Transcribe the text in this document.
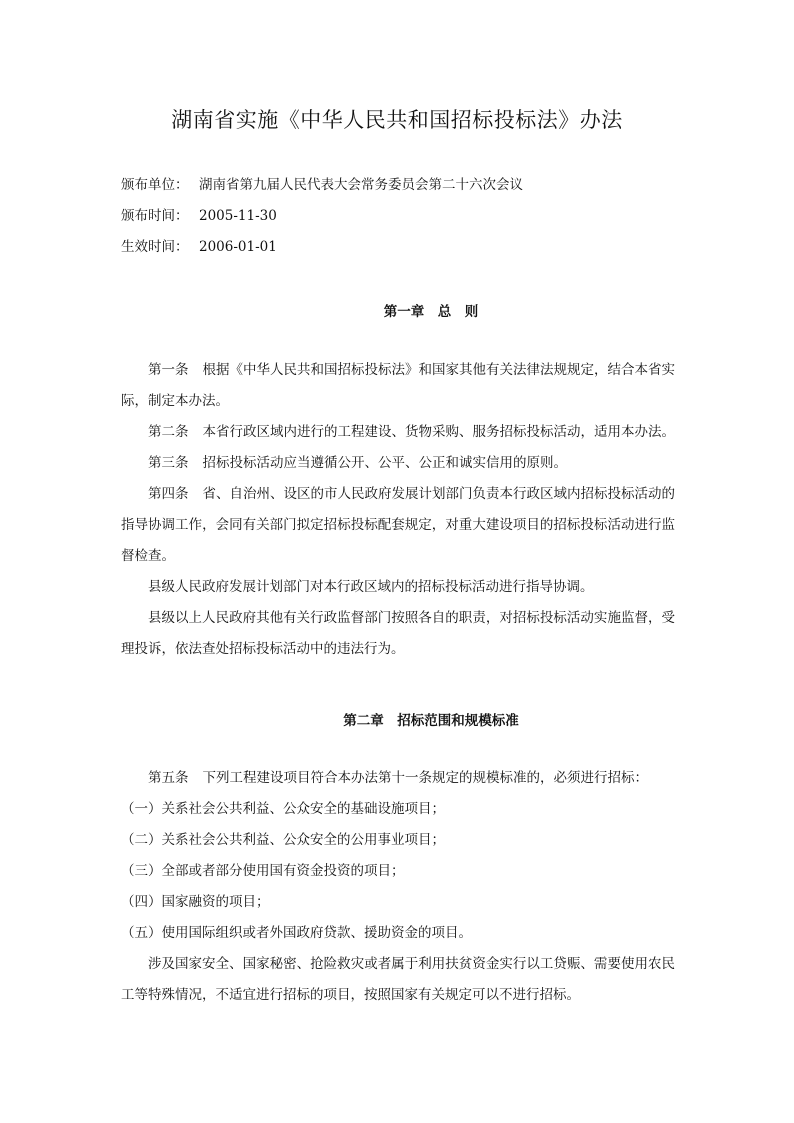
湖南省实施《中华人民共和国招标投标法》办法
颁布单位： 湖南省第九届人民代表大会常务委员会第二十六次会议
颁布时间： 2005-11-30
生效时间： 2006-01-01
第一章　总　则
第一条 根据《中华人民共和国招标投标法》和国家其他有关法律法规规定，结合本省实际，制定本办法。
第二条 本省行政区域内进行的工程建设、货物采购、服务招标投标活动，适用本办法。
第三条 招标投标活动应当遵循公开、公平、公正和诚实信用的原则。
第四条 省、自治州、设区的市人民政府发展计划部门负责本行政区域内招标投标活动的指导协调工作，会同有关部门拟定招标投标配套规定，对重大建设项目的招标投标活动进行监督检查。
县级人民政府发展计划部门对本行政区域内的招标投标活动进行指导协调。
县级以上人民政府其他有关行政监督部门按照各自的职责，对招标投标活动实施监督，受理投诉，依法查处招标投标活动中的违法行为。
第二章　招标范围和规模标准
第五条 下列工程建设项目符合本办法第十一条规定的规模标准的，必须进行招标：
（一）关系社会公共利益、公众安全的基础设施项目；
（二）关系社会公共利益、公众安全的公用事业项目；
（三）全部或者部分使用国有资金投资的项目；
（四）国家融资的项目；
（五）使用国际组织或者外国政府贷款、援助资金的项目。
涉及国家安全、国家秘密、抢险救灾或者属于利用扶贫资金实行以工贷赈、需要使用农民工等特殊情况，不适宜进行招标的项目，按照国家有关规定可以不进行招标。
